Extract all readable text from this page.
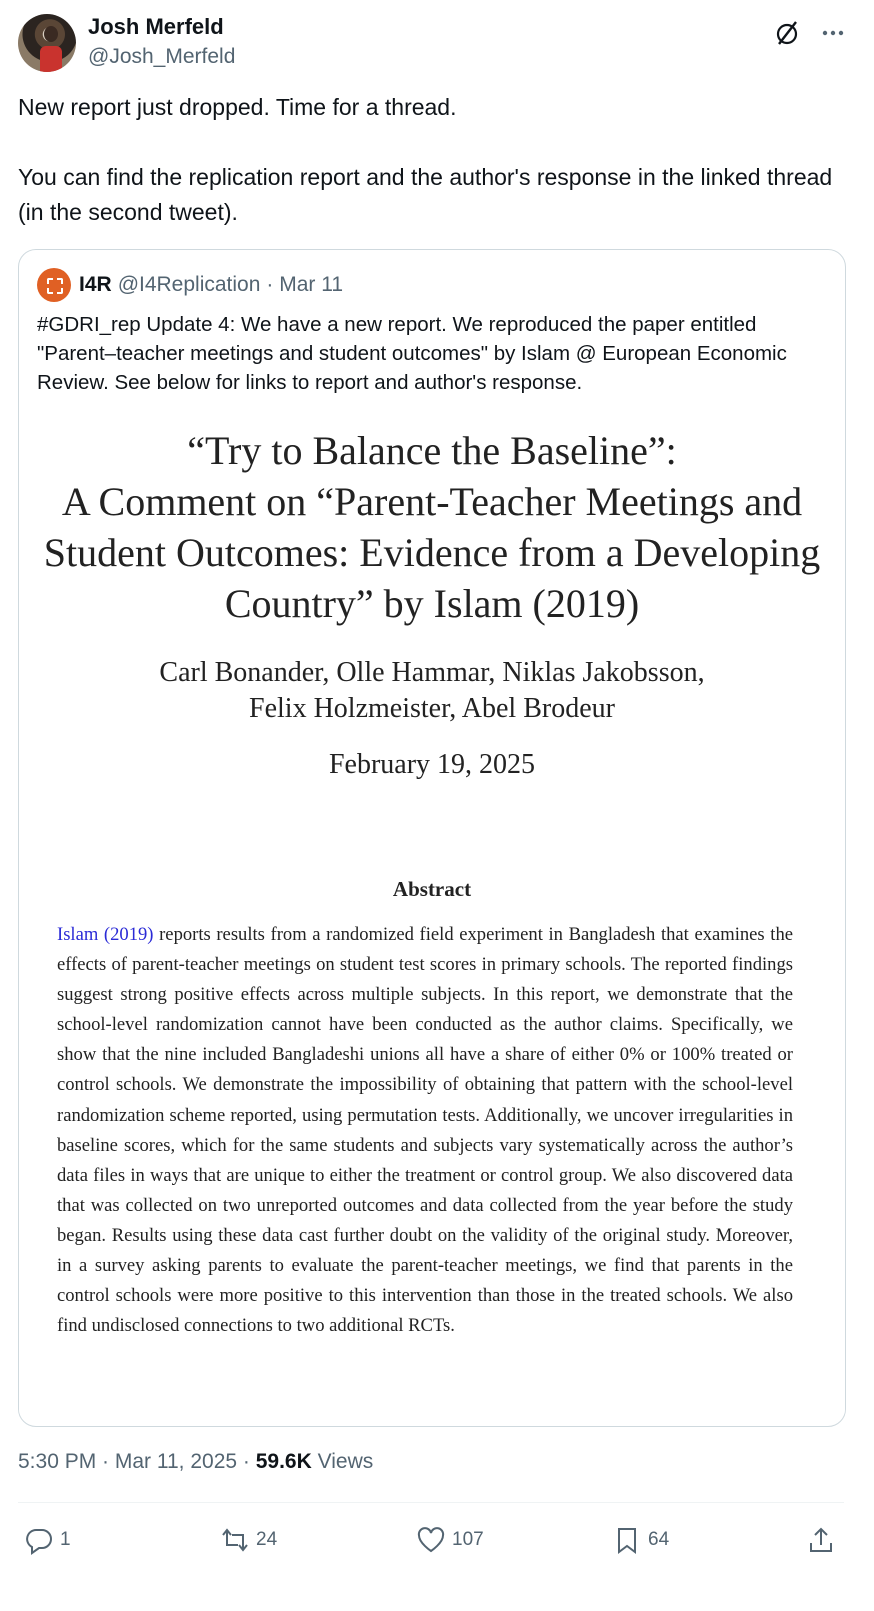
Josh Merfeld
@Josh_Merfeld
New report just dropped. Time for a thread.

You can find the replication report and the author's response in the linked thread (in the second tweet).
I4R @I4Replication · Mar 11
#GDRI_rep Update 4: We have a new report. We reproduced the paper entitled "Parent–teacher meetings and student outcomes" by Islam @ European Economic Review. See below for links to report and author's response.
“Try to Balance the Baseline”:
A Comment on “Parent-Teacher Meetings and
Student Outcomes: Evidence from a Developing
Country” by Islam (2019)
Carl Bonander, Olle Hammar, Niklas Jakobsson,
Felix Holzmeister, Abel Brodeur
February 19, 2025
Abstract
Islam (2019) reports results from a randomized field experiment in Bangladesh that examines the effects of parent-teacher meetings on student test scores in primary schools. The reported findings suggest strong positive effects across multiple subjects. In this report, we demonstrate that the school-level randomization cannot have been conducted as the author claims. Specifically, we show that the nine included Bangladeshi unions all have a share of either 0% or 100% treated or control schools. We demonstrate the impossibility of obtaining that pattern with the school-level randomization scheme reported, using permutation tests. Additionally, we uncover irregularities in baseline scores, which for the same students and subjects vary systematically across the author’s data files in ways that are unique to either the treatment or control group. We also discovered data that was collected on two unreported outcomes and data collected from the year before the study began. Results using these data cast further doubt on the validity of the original study. Moreover, in a survey asking parents to evaluate the parent-teacher meetings, we find that parents in the control schools were more positive to this intervention than those in the treated schools. We also find undisclosed connections to two additional RCTs.
5:30 PM · Mar 11, 2025 · 59.6K Views
1	24	107	64
